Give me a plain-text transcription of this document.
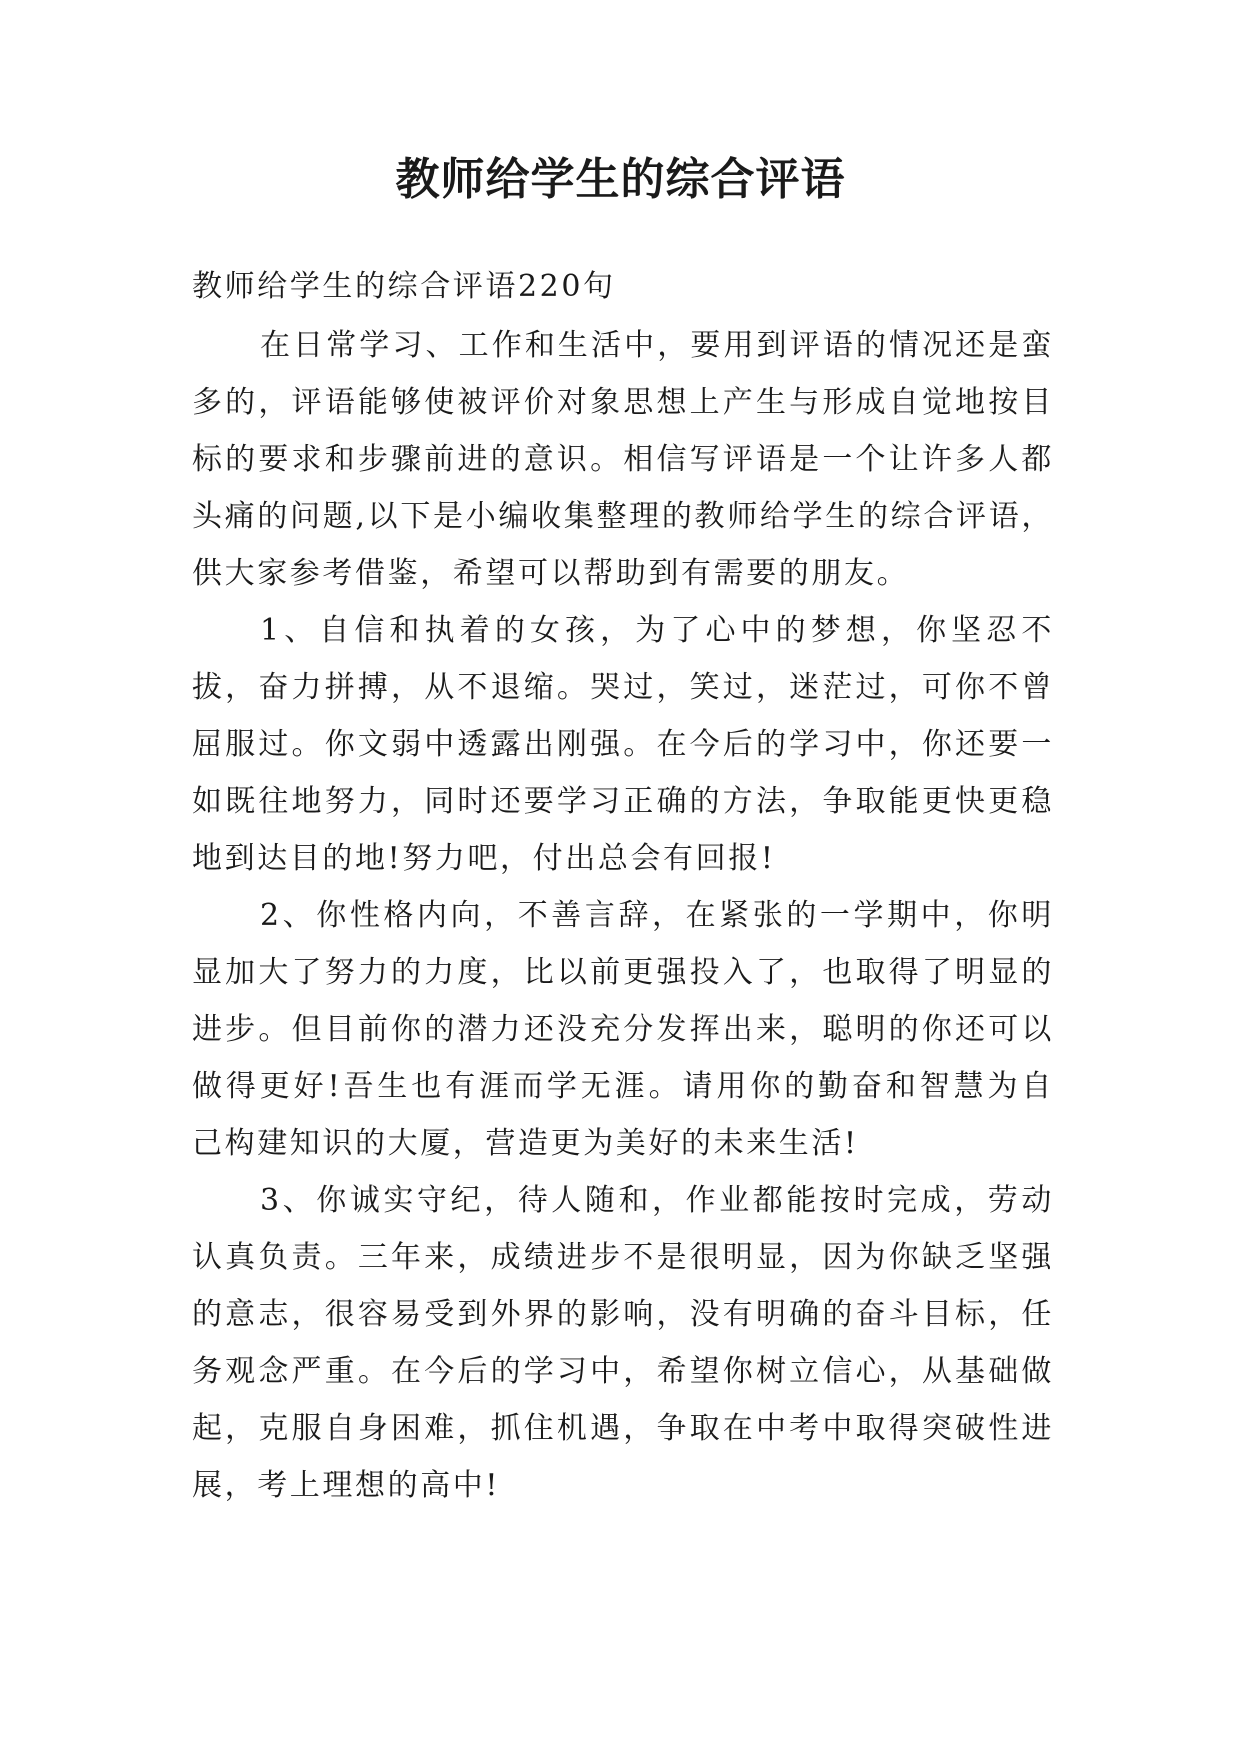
教师给学生的综合评语

教师给学生的综合评语220句

在日常学习、工作和生活中，要用到评语的情况还是蛮多的，评语能够使被评价对象思想上产生与形成自觉地按目标的要求和步骤前进的意识。相信写评语是一个让许多人都头痛的问题,以下是小编收集整理的教师给学生的综合评语，供大家参考借鉴，希望可以帮助到有需要的朋友。

1、自信和执着的女孩，为了心中的梦想，你坚忍不拔，奋力拼搏，从不退缩。哭过，笑过，迷茫过，可你不曾屈服过。你文弱中透露出刚强。在今后的学习中，你还要一如既往地努力，同时还要学习正确的方法，争取能更快更稳地到达目的地!努力吧，付出总会有回报!

2、你性格内向，不善言辞，在紧张的一学期中，你明显加大了努力的力度，比以前更强投入了，也取得了明显的进步。但目前你的潜力还没充分发挥出来，聪明的你还可以做得更好!吾生也有涯而学无涯。请用你的勤奋和智慧为自己构建知识的大厦，营造更为美好的未来生活!

3、你诚实守纪，待人随和，作业都能按时完成，劳动认真负责。三年来，成绩进步不是很明显，因为你缺乏坚强的意志，很容易受到外界的影响，没有明确的奋斗目标，任务观念严重。在今后的学习中，希望你树立信心，从基础做起，克服自身困难，抓住机遇，争取在中考中取得突破性进展，考上理想的高中!
